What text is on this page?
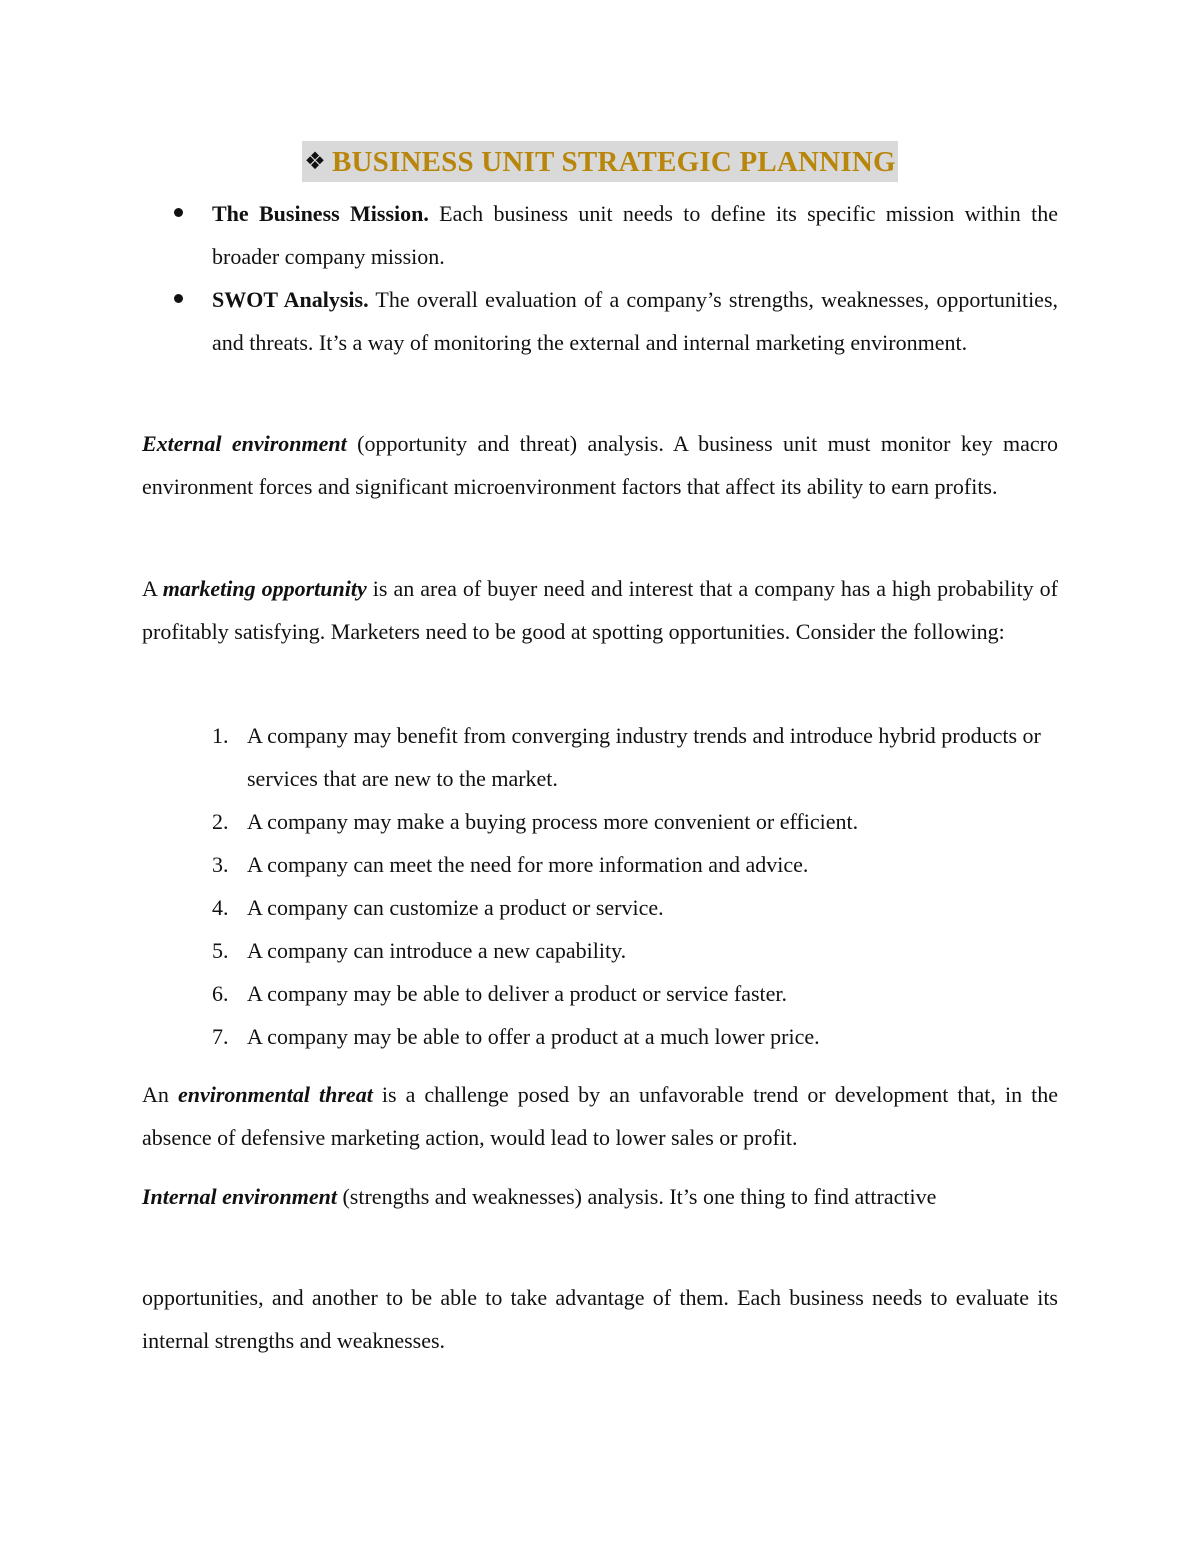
❖ BUSINESS UNIT STRATEGIC PLANNING
The Business Mission. Each business unit needs to define its specific mission within the broader company mission.
SWOT Analysis. The overall evaluation of a company’s strengths, weaknesses, opportunities, and threats. It’s a way of monitoring the external and internal marketing environment.

External environment (opportunity and threat) analysis. A business unit must monitor key macro environment forces and significant microenvironment factors that affect its ability to earn profits.

A marketing opportunity is an area of buyer need and interest that a company has a high probability of profitably satisfying. Marketers need to be good at spotting opportunities. Consider the following:

1. A company may benefit from converging industry trends and introduce hybrid products or services that are new to the market.
2. A company may make a buying process more convenient or efficient.
3. A company can meet the need for more information and advice.
4. A company can customize a product or service.
5. A company can introduce a new capability.
6. A company may be able to deliver a product or service faster.
7. A company may be able to offer a product at a much lower price.

An environmental threat is a challenge posed by an unfavorable trend or development that, in the absence of defensive marketing action, would lead to lower sales or profit.

Internal environment (strengths and weaknesses) analysis. It’s one thing to find attractive

opportunities, and another to be able to take advantage of them. Each business needs to evaluate its internal strengths and weaknesses.
